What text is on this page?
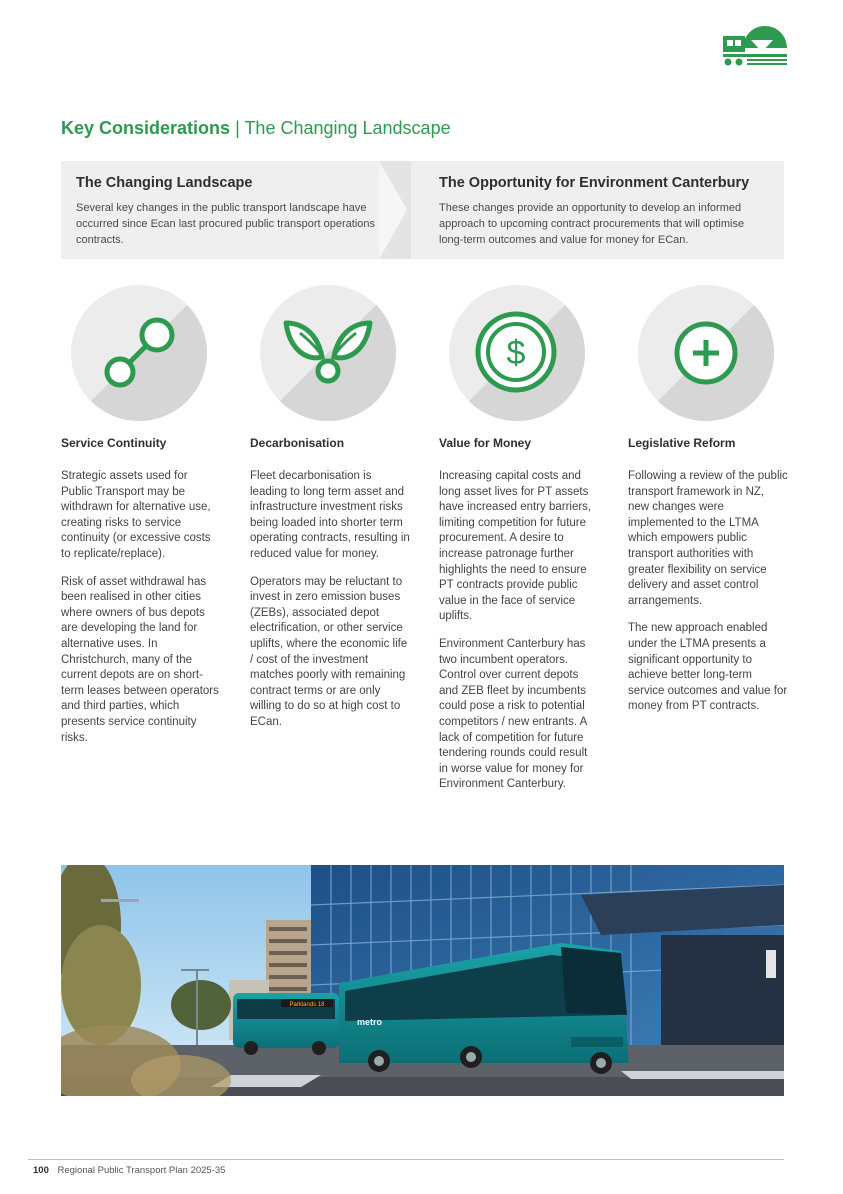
Key Considerations | The Changing Landscape
The Changing Landscape
Several key changes in the public transport landscape have occurred since Ecan last procured public transport operations contracts.
The Opportunity for Environment Canterbury
These changes provide an opportunity to develop an informed approach to upcoming contract procurements that will optimise long-term outcomes and value for money for ECan.
$

Service Continuity

Strategic assets used for Public Transport may be withdrawn for alternative use, creating risks to service continuity (or excessive costs to replicate/replace).

Risk of asset withdrawal has been realised in other cities where owners of bus depots are developing the land for alternative uses. In Christchurch, many of the current depots are on short-term leases between operators and third parties, which presents service continuity risks.

Decarbonisation

Fleet decarbonisation is leading to long term asset and infrastructure investment risks being loaded into shorter term operating contracts, resulting in reduced value for money.

Operators may be reluctant to invest in zero emission buses (ZEBs), associated depot electrification, or other service uplifts, where the economic life / cost of the investment matches poorly with remaining contract terms or are only willing to do so at high cost to ECan.

Value for Money

Increasing capital costs and long asset lives for PT assets have increased entry barriers, limiting competition for future procurement. A desire to increase patronage further highlights the need to ensure PT contracts provide public value in the face of service uplifts.

Environment Canterbury has two incumbent operators. Control over current depots and ZEB fleet by incumbents could pose a risk to potential competitors / new entrants. A lack of competition for future tendering rounds could result in worse value for money for Environment Canterbury.

Legislative Reform

Following a review of the public transport framework in NZ, new changes were implemented to the LTMA which empowers public transport authorities with greater flexibility on service delivery and asset control arrangements.

The new approach enabled under the LTMA presents a significant opportunity to achieve better long-term service outcomes and value for money from PT contracts.

Parklands 18
metro
100 Regional Public Transport Plan 2025-35
